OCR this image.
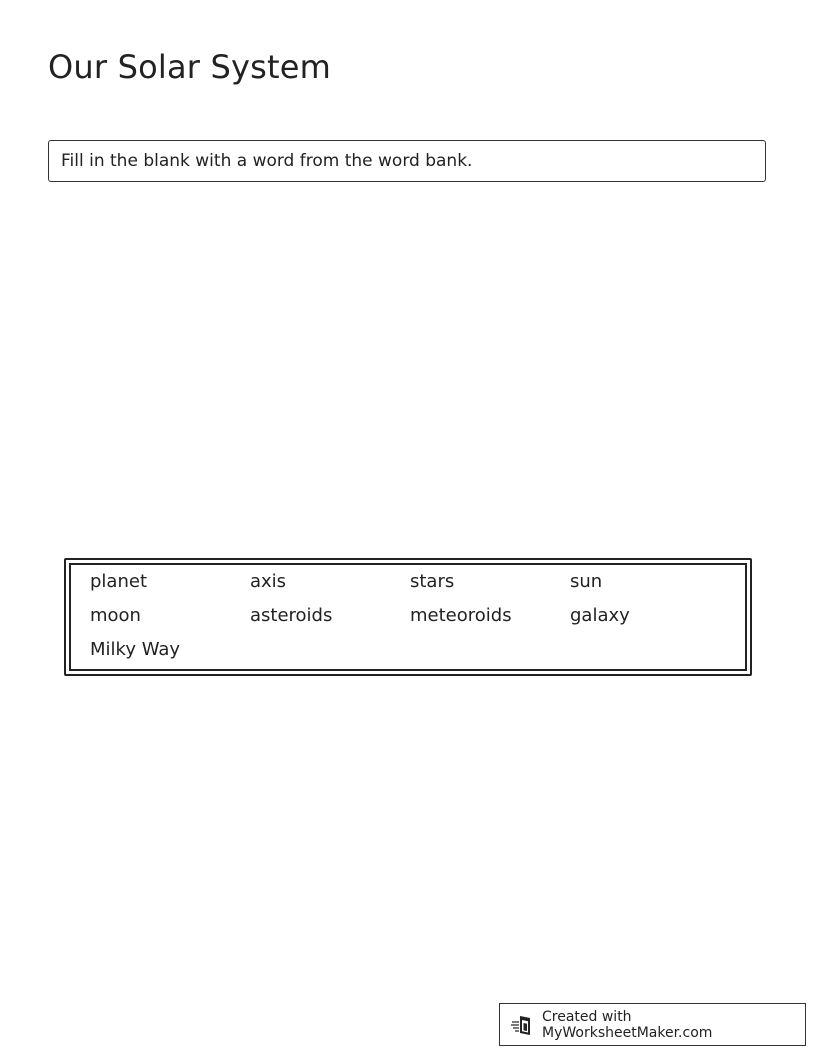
Our Solar System
Fill in the blank with a word from the word bank.
planet	axis	stars	sun
moon	asteroids	meteoroids	galaxy
Milky Way
Created with MyWorksheetMaker.com
